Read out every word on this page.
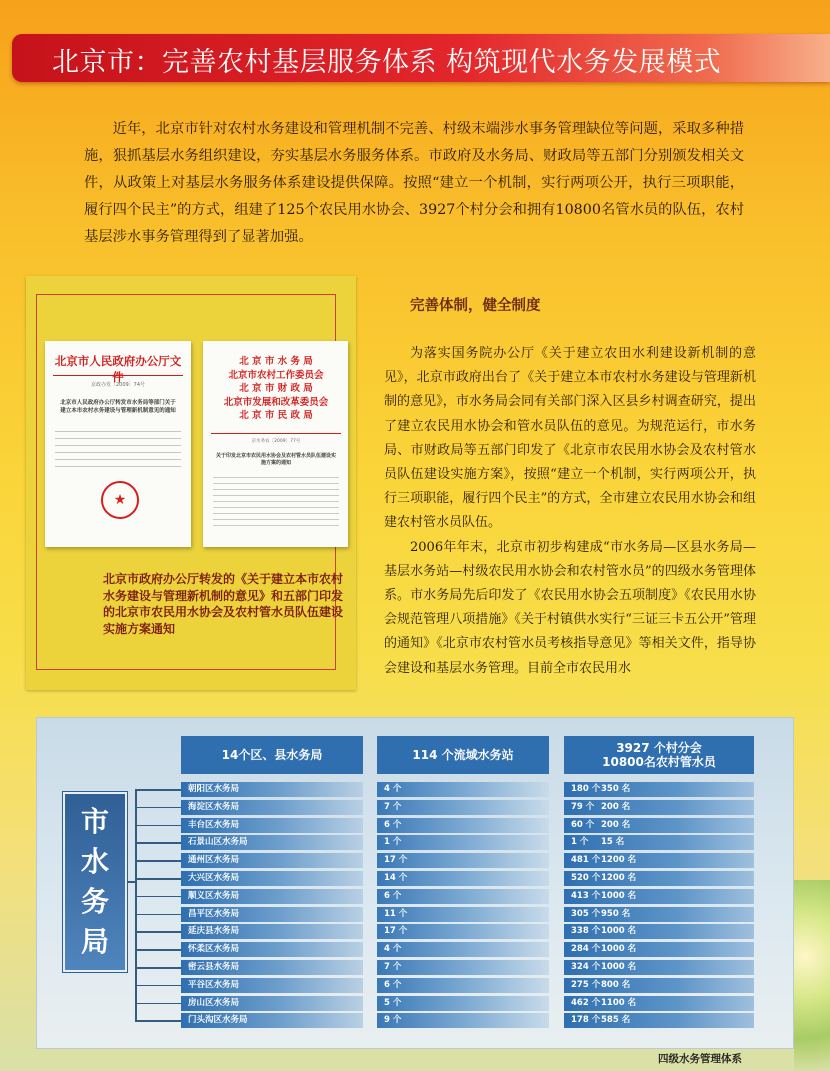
北京市：完善农村基层服务体系 构筑现代水务发展模式
近年，北京市针对农村水务建设和管理机制不完善、村级末端涉水事务管理缺位等问题，采取多种措施，狠抓基层水务组织建设，夯实基层水务服务体系。市政府及水务局、财政局等五部门分别颁发相关文件，从政策上对基层水务服务体系建设提供保障。按照“建立一个机制，实行两项公开，执行三项职能，履行四个民主”的方式，组建了125个农民用水协会、3927个村分会和拥有10800名管水员的队伍，农村基层涉水事务管理得到了显著加强。
北京市人民政府办公厅文件
京政办发〔2009〕74号
北京市人民政府办公厅转发市水务局等部门关于建立本市农村水务建设与管理新机制意见的通知
★
北 京 市 水 务 局
北京市农村工作委员会
北 京 市 财 政 局
北京市发展和改革委员会
北 京 市 民 政 局
京水务农〔2009〕77号
关于印发北京市农民用水协会及农村管水员队伍建设实施方案的通知
北京市政府办公厅转发的《关于建立本市农村水务建设与管理新机制的意见》和五部门印发的北京市农民用水协会及农村管水员队伍建设实施方案通知
完善体制，健全制度

为落实国务院办公厅《关于建立农田水利建设新机制的意见》，北京市政府出台了《关于建立本市农村水务建设与管理新机制的意见》，市水务局会同有关部门深入区县乡村调查研究，提出了建立农民用水协会和管水员队伍的意见。为规范运行，市水务局、市财政局等五部门印发了《北京市农民用水协会及农村管水员队伍建设实施方案》，按照“建立一个机制，实行两项公开，执行三项职能，履行四个民主”的方式，全市建立农民用水协会和组建农村管水员队伍。

2006年年末，北京市初步构建成“市水务局—区县水务局—基层水务站—村级农民用水协会和农村管水员”的四级水务管理体系。市水务局先后印发了《农民用水协会五项制度》《农民用水协会规范管理八项措施》《关于村镇供水实行“三证三卡五公开”管理的通知》《北京市农村管水员考核指导意见》等相关文件，指导协会建设和基层水务管理。目前全市农民用水

14个区、县水务局	114 个流域水务站	3927 个村分会
10800名农村管水员
市
水
务
局
朝阳区水务局	4 个	180 个350 名
海淀区水务局	7 个	79 个 200 名
丰台区水务局	6 个	60 个 200 名
石景山区水务局	1 个	1 个 15 名
通州区水务局	17 个	481 个1200 名
大兴区水务局	14 个	520 个1200 名
顺义区水务局	6 个	413 个1000 名
昌平区水务局	11 个	305 个950 名
延庆县水务局	17 个	338 个1000 名
怀柔区水务局	4 个	284 个1000 名
密云县水务局	7 个	324 个1000 名
平谷区水务局	6 个	275 个800 名
房山区水务局	5 个	462 个1100 名
门头沟区水务局	9 个	178 个585 名
四级水务管理体系
